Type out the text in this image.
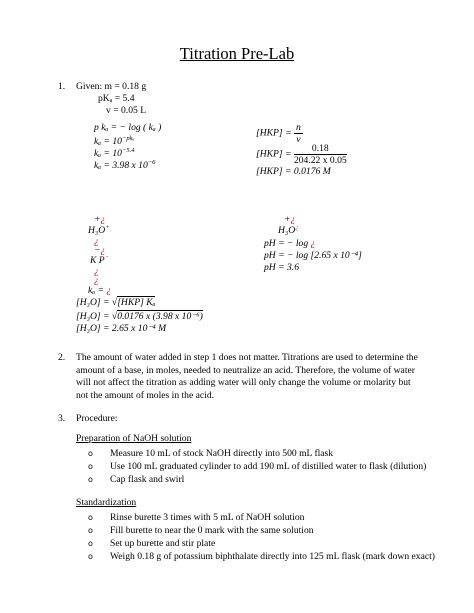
Titration Pre-Lab
1. Given: m = 0.18 g
pKₐ = 5.4
v = 0.05 L
p kₐ = − log ( kₐ )
$k_a = 10^{-pk_a}$
$k_a = 10^{-5.4}$
kₐ = 3.98 x $10^{-6}$
$[HKP] = \frac{n}{v}$
$[HKP] = \frac{0.18}{204.22 x 0.05}$
[HKP] = 0.0176 M
+¿
H₃O+
¿
−¿
K P−
¿
¿
kₐ = ¿
[H₃O] = √[HKP] Kₐ
[H₃O] = √0.0176 x (3.98 x 10⁻⁶)
[H₃O] = 2.65 x 10⁻⁴ M
+¿
H₃O¿
pH = − log ¿
pH = − log [2.65 x 10⁻⁴]
pH = 3.6
2. The amount of water added in step 1 does not matter. Titrations are used to determine the amount of a base, in moles, needed to neutralize an acid. Therefore, the volume of water will not affect the titration as adding water will only change the volume or molarity but not the amount of moles in the acid.
3. Procedure:
Preparation of NaOH solution
o Measure 10 mL of stock NaOH directly into 500 mL flask
o Use 100 mL graduated cylinder to add 190 mL of distilled water to flask (dilution)
o Cap flask and swirl
Standardization
o Rinse burette 3 times with 5 mL of NaOH solution
o Fill burette to near the 0 mark with the same solution
o Set up burette and stir plate
o Weigh 0.18 g of potassium biphthalate directly into 125 mL flask (mark down exact)
